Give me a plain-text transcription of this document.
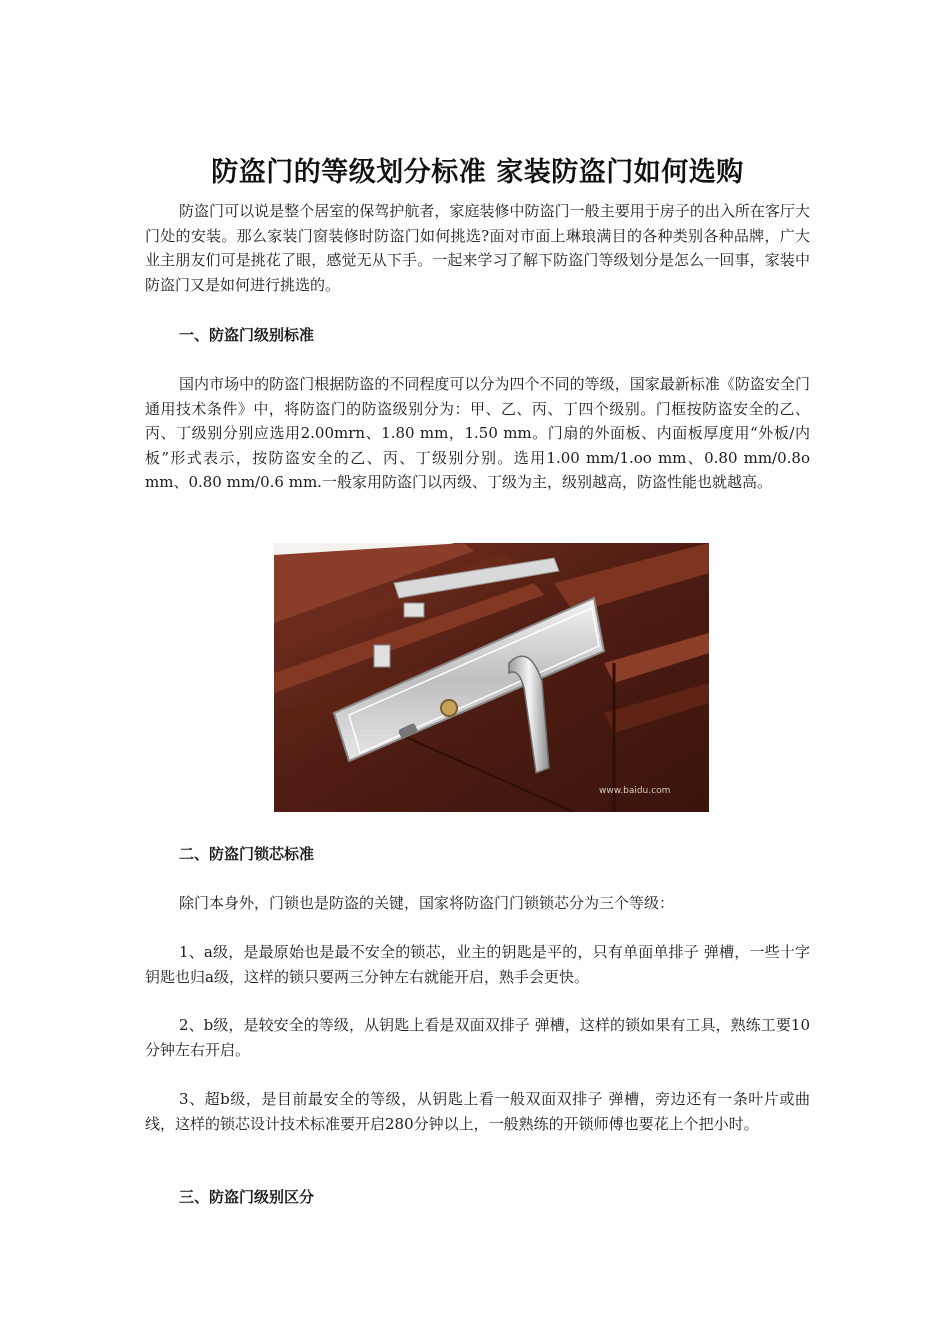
防盗门的等级划分标准 家装防盗门如何选购

防盗门可以说是整个居室的保驾护航者，家庭装修中防盗门一般主要用于房子的出入所在客厅大门处的安装。那么家装门窗装修时防盗门如何挑选?面对市面上琳琅满目的各种类别各种品牌，广大业主朋友们可是挑花了眼，感觉无从下手。一起来学习了解下防盗门等级划分是怎么一回事，家装中防盗门又是如何进行挑选的。

一、防盗门级别标准

国内市场中的防盗门根据防盗的不同程度可以分为四个不同的等级，国家最新标准《防盗安全门通用技术条件》中，将防盗门的防盗级别分为：甲、乙、丙、丁四个级别。门框按防盗安全的乙、丙、丁级别分别应选用2.00mrn、1.80 mm，1.50 mm。门扇的外面板、内面板厚度用“外板/内板”形式表示，按防盗安全的乙、丙、丁级别分别。选用1.00 mm/1.oo mm、0.80 mm/0.8o mm、0.80 mm/0.6 mm.一般家用防盗门以丙级、丁级为主，级别越高，防盗性能也就越高。

www.baidu.com

二、防盗门锁芯标准

除门本身外，门锁也是防盗的关键，国家将防盗门门锁锁芯分为三个等级：

1、a级，是最原始也是最不安全的锁芯，业主的钥匙是平的，只有单面单排子 弹槽，一些十字钥匙也归a级，这样的锁只要两三分钟左右就能开启，熟手会更快。

2、b级，是较安全的等级，从钥匙上看是双面双排子 弹槽，这样的锁如果有工具，熟练工要10分钟左右开启。

3、超b级，是目前最安全的等级，从钥匙上看一般双面双排子 弹槽，旁边还有一条叶片或曲线，这样的锁芯设计技术标准要开启280分钟以上，一般熟练的开锁师傅也要花上个把小时。

三、防盗门级别区分
